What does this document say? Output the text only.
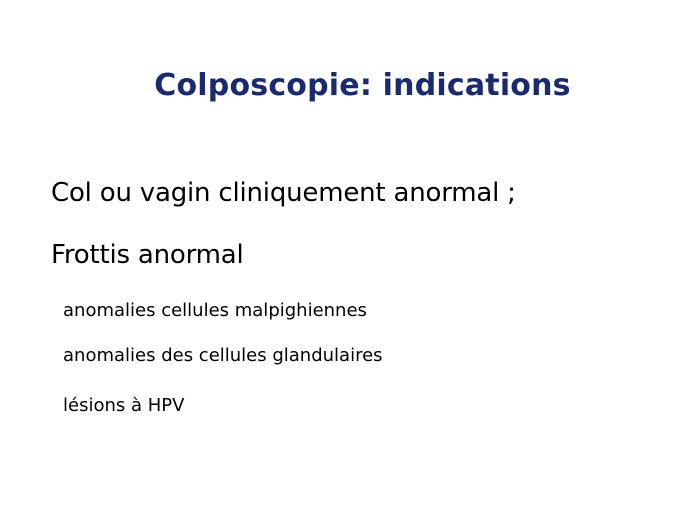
Colposcopie: indications
Col ou vagin cliniquement anormal ;
Frottis anormal
anomalies cellules malpighiennes
anomalies des cellules glandulaires
lésions à HPV
